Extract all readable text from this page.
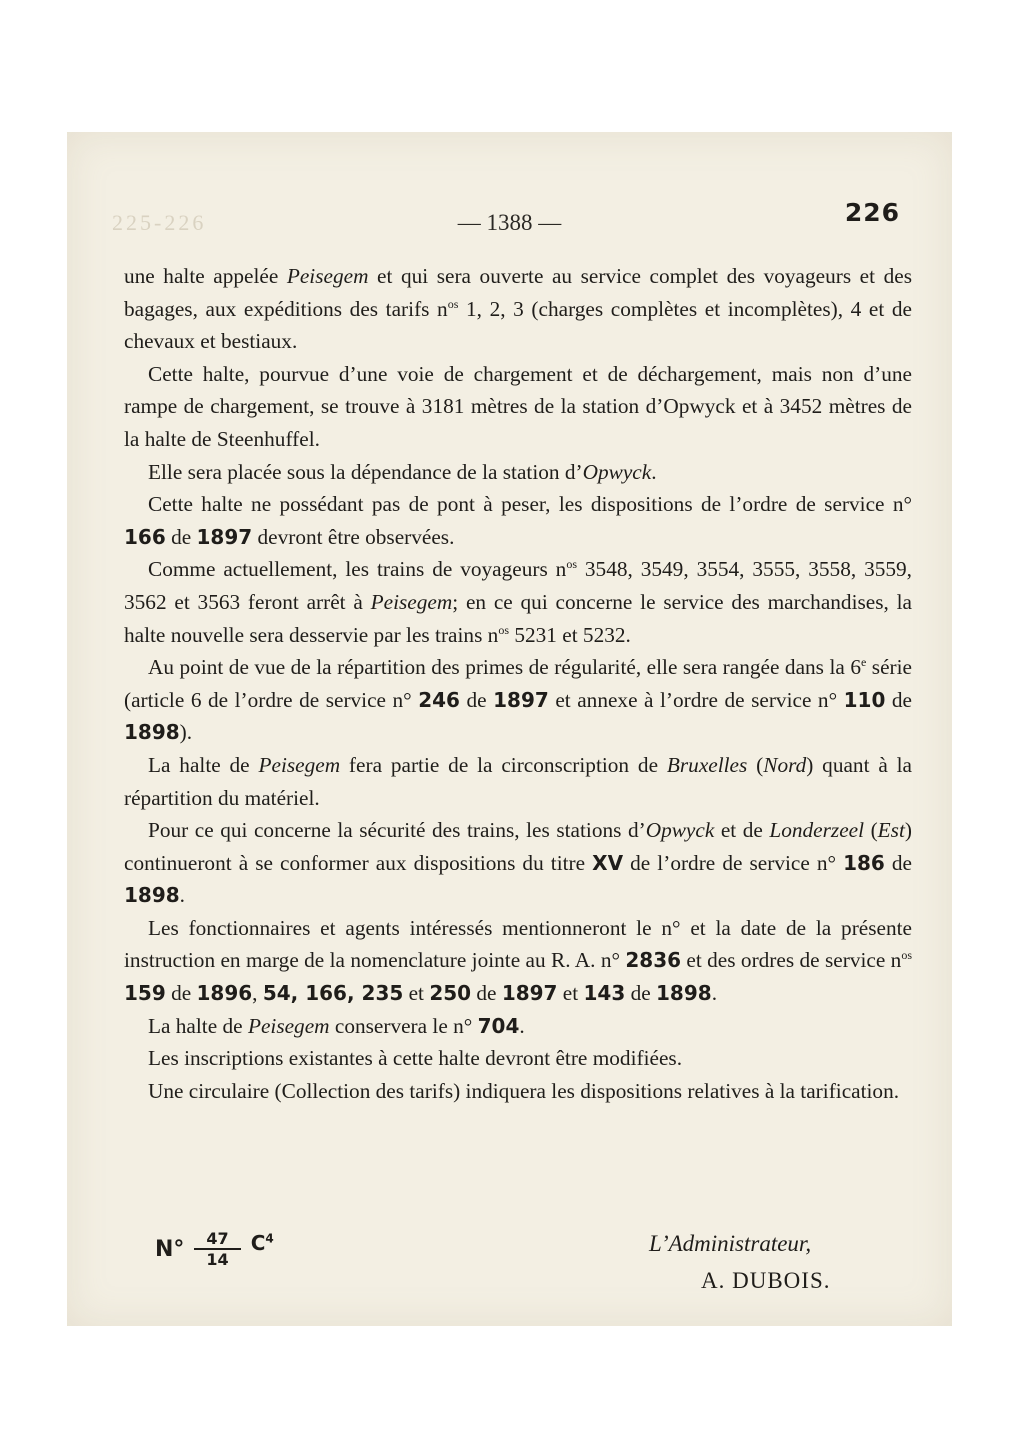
225-226	— 1388 —	226

une halte appelée Peisegem et qui sera ouverte au service complet des voyageurs et des bagages, aux expéditions des tarifs $n^{os}$ 1, 2, 3 (charges complètes et incomplètes), 4 et de chevaux et bestiaux.

Cette halte, pourvue d’une voie de chargement et de déchargement, mais non d’une rampe de chargement, se trouve à 3181 mètres de la station d’Opwyck et à 3452 mètres de la halte de Steenhuffel.

Elle sera placée sous la dépendance de la station d’Opwyck.

Cette halte ne possédant pas de pont à peser, les dispositions de l’ordre de service n° 166 de 1897 devront être observées.

Comme actuellement, les trains de voyageurs $n^{os}$ 3548, 3549, 3554, 3555, 3558, 3559, 3562 et 3563 feront arrêt à Peisegem; en ce qui concerne le service des marchandises, la halte nouvelle sera desservie par les trains $n^{os}$ 5231 et 5232.

Au point de vue de la répartition des primes de régularité, elle sera rangée dans la 6e série (article 6 de l’ordre de service n° 246 de 1897 et annexe à l’ordre de service n° 110 de 1898).

La halte de Peisegem fera partie de la circonscription de Bruxelles (Nord) quant à la répartition du matériel.

Pour ce qui concerne la sécurité des trains, les stations d’Opwyck et de Londerzeel (Est) continueront à se conformer aux dispositions du titre XV de l’ordre de service n° 186 de 1898.

Les fonctionnaires et agents intéressés mentionneront le n° et la date de la présente instruction en marge de la nomenclature jointe au R. A. n° 2836 et des ordres de service $n^{os}$ 159 de 1896, 54, 166, 235 et 250 de 1897 et 143 de 1898.

La halte de Peisegem conservera le n° 704.

Les inscriptions existantes à cette halte devront être modifiées.

Une circulaire (Collection des tarifs) indiquera les dispositions relatives à la tarification.

$N^\circ \frac{47}{14} C^4$	L’Administrateur,
A. DUBOIS.
